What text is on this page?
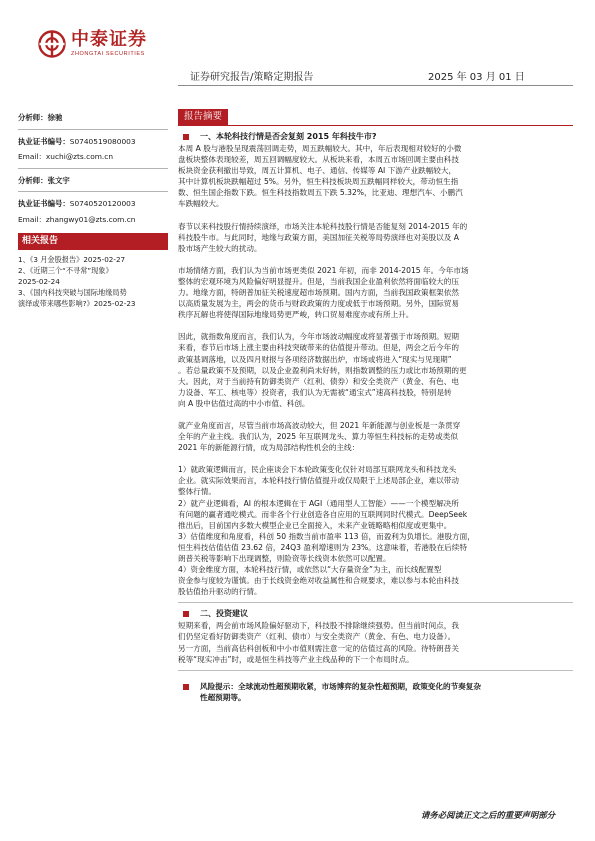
中泰证券
ZHONGTAI SECURITIES
证券研究报告/策略定期报告	2025 年 03 月 01 日
分析师：徐驰
执业证书编号：S0740519080003
Email：xuchi@zts.com.cn
分析师：张文宇
执业证书编号：S0740520120003
Email：zhangwy01@zts.com.cn
相关报告
1、《3 月金股报告》2025-02-27
2、《近期三个“不寻常”现象》
2025-02-24
3、《国内科技突破与国际地缘局势
演绎或带来哪些影响?》2025-02-23
报告摘要
一、本轮科技行情是否会复刻 2015 年科技牛市?
本周 A 股与港股呈现震荡回调走势，周五跌幅较大。其中，年后表现相对较好的小微
盘板块整体表现较差，周五回调幅度较大。从板块来看，本周五市场回调主要由科技
板块资金获利撤出导致，周五计算机、电子、通信、传媒等 AI 下游产业跌幅较大，
其中计算机板块跌幅超过 5%。另外，恒生科技板块周五跌幅同样较大，带动恒生指
数、恒生国企指数下跌。恒生科技指数周五下跌 5.32%，比亚迪、理想汽车、小鹏汽
车跌幅较大。
春节以来科技股行情持续演绎，市场关注本轮科技股行情是否能复刻 2014-2015 年的
科技股牛市。与此同时，地缘与政策方面，美国加征关税等局势演绎也对美股以及 A
股市场产生较大的扰动。
市场情绪方面，我们认为当前市场更类似 2021 年初，而非 2014-2015 年。今年市场
整体的宏观环境为风险偏好明显提升。但是，当前我国企业盈利依然将面临较大的压
力。地缘方面，特朗普加征关税速度超市场预期。国内方面，当前我国政策框架依然
以高质量发展为主，两会的货币与财政政策的力度或低于市场预期。另外，国际贸易
秩序瓦解也将使得国际地缘局势更严峻，转口贸易难度亦或有所上升。
因此，就指数角度而言，我们认为，今年市场波动幅度或将显著强于市场预期。短期
来看，春节后市场上涨主要由科技突破带来的估值提升带动。但是，两会之后今年的
政策基调落地，以及四月财报与各项经济数据出炉，市场或将进入“现实与见现期”
。若总量政策不及预期，以及企业盈利尚未好转，则指数调整的压力或比市场预期的更
大。因此，对于当前持有防御类资产（红利、债券）和安全类资产（黄金、有色、电
力设备、军工、核电等）投资者，我们认为无需被“通宝式”速高科技股，特别是转
向 A 股中估值过高的中小市值、科创。
就产业角度而言，尽管当前市场高波动较大，但 2021 年新能源与创业板是一条贯穿
全年的产业主线。我们认为，2025 年互联网龙头、算力等恒生科技标的走势或类似
2021 年的新能源行情，成为局部结构性机会的主线：
1）就政策逻辑而言，民企座谈会下本轮政策变化仅针对局部互联网龙头和科技龙头
企业。就实际效果而言，本轮科技行情估值提升或仅局限于上述局部企业，难以带动
整体行情。
2）就产业逻辑看，AI 的根本逻辑在于 AGI（通用型人工智能）——一个模型解决所
有问题的赢者通吃模式。而非各个行业创造各自应用的互联网同时代模式。DeepSeek
推出后，目前国内多数大模型企业已全面接入，未来产业链略略相似度或更集中。
3）估值维度和角度看，科创 50 指数当前市盈率 113 倍，而盈利为负增长。港股方面，
恒生科技估值估值 23.62 倍，24Q3 盈利增速则为 23%。这意味着，若港股在后续特
朗普关税等影响下出现调整，则险资等长线资本依然可以配置。
4）资金维度方面，本轮科技行情，或依然以“大存量资金”为主，而长线配置型
资金参与度较为谨慎。由于长线资金绝对收益属性和合规要求，难以参与本轮由科技
股估值抬升驱动的行情。
二、投资建议
短期来看，两会前市场风险偏好驱动下，科技股不排除继续强势。但当前时间点，我
们仍坚定看好防御类资产（红利、债市）与安全类资产（黄金、有色、电力设备）。
另一方面，当前高估科创板和中小市值则需注意一定的估值过高的风险。待特朗普关
税等“现实冲击”时，或是恒生科技等产业主线品种的下一个布局时点。
风险提示：全球流动性超预期收紧，市场博弈的复杂性超预期，政策变化的节奏复杂
性超预期等。
请务必阅读正文之后的重要声明部分
